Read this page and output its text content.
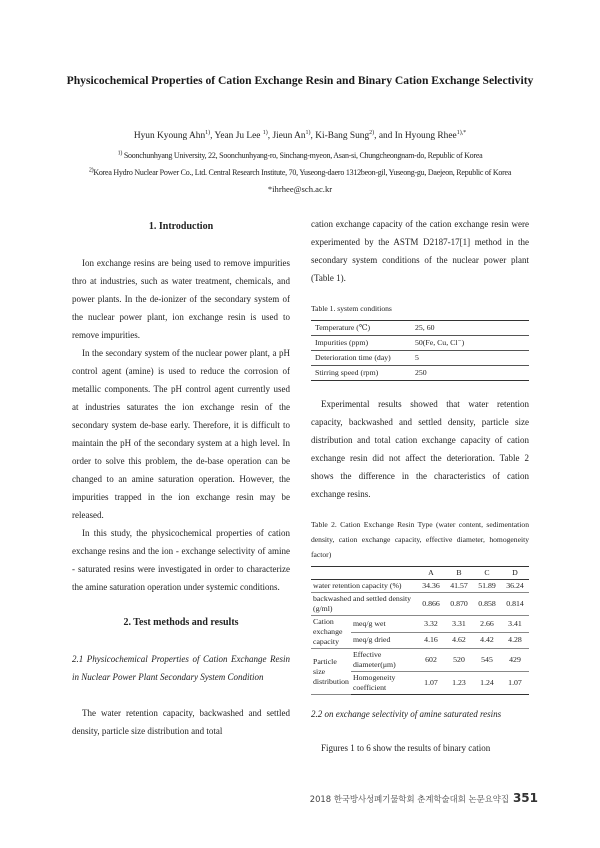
Physicochemical Properties of Cation Exchange Resin and Binary Cation Exchange Selectivity
Hyun Kyoung Ahn$^{1)}$, Yean Ju Lee $^{1)}$, Jieun An$^{1)}$, Ki-Bang Sung$^{2)}$, and In Hyoung Rhee$^{1),*}$
$^{1)}$ Soonchunhyang University, 22, Soonchunhyang-ro, Sinchang-myeon, Asan-si, Chungcheongnam-do, Republic of Korea
$^{2)}$Korea Hydro Nuclear Power Co., Ltd. Central Research Institute, 70, Yuseong-daero 1312beon-gil, Yuseong-gu, Daejeon, Republic of Korea
*ihrhee@sch.ac.kr
1. Introduction

Ion exchange resins are being used to remove impurities thro at industries, such as water treatment, chemicals, and power plants. In the de-ionizer of the secondary system of the nuclear power plant, ion exchange resin is used to remove impurities.

In the secondary system of the nuclear power plant, a pH control agent (amine) is used to reduce the corrosion of metallic components. The pH control agent currently used at industries saturates the ion exchange resin of the secondary system de-base early. Therefore, it is difficult to maintain the pH of the secondary system at a high level. In order to solve this problem, the de-base operation can be changed to an amine saturation operation. However, the impurities trapped in the ion exchange resin may be released.

In this study, the physicochemical properties of cation exchange resins and the ion - exchange selectivity of amine - saturated resins were investigated in order to characterize the amine saturation operation under systemic conditions.

2. Test methods and results

2.1 Physicochemical Properties of Cation Exchange Resin in Nuclear Power Plant Secondary System Condition

The water retention capacity, backwashed and settled density, particle size distribution and total

cation exchange capacity of the cation exchange resin were experimented by the ASTM D2187-17[1] method in the secondary system conditions of the nuclear power plant (Table 1).

Table 1. system conditions
Temperature (℃)	25, 60
Impurities (ppm)	50(Fe, Cu, Cl⁻)
Deterioration time (day)	5
Stirring speed (rpm)	250

Experimental results showed that water retention capacity, backwashed and settled density, particle size distribution and total cation exchange capacity of cation exchange resin did not affect the deterioration. Table 2 shows the difference in the characteristics of cation exchange resins.

Table 2. Cation Exchange Resin Type (water content, sedimentation density, cation exchange capacity, effective diameter, homogeneity factor)
		A	B	C	D
water retention capacity (%)		34.36	41.57	51.89	36.24
backwashed and settled density (g/ml)		0.866	0.870	0.858	0.814
Cation exchange capacity	meq/g wet	3.32	3.31	2.66	3.41
	meq/g dried	4.16	4.62	4.42	4.28
Particle size distribution	Effective diameter(μm)	602	520	545	429
	Homogeneity coefficient	1.07	1.23	1.24	1.07

2.2 on exchange selectivity of amine saturated resins

Figures 1 to 6 show the results of binary cation

2018 한국방사성폐기물학회 춘계학술대회 논문요약집 351
